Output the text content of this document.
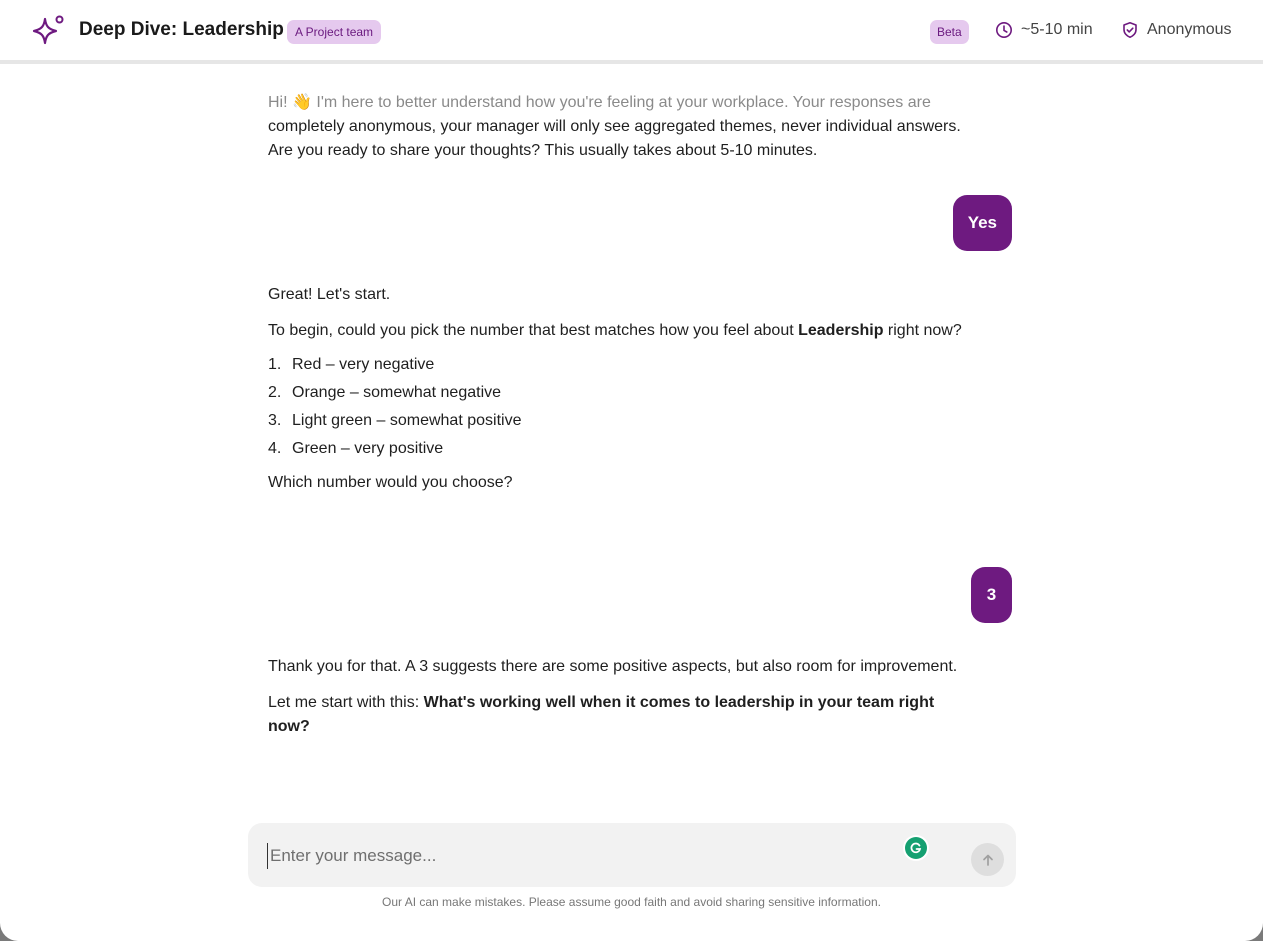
Deep Dive: Leadership A Project team	Beta	~5-10 min	Anonymous

Hi! 👋 I'm here to better understand how you're feeling at your workplace. Your responses are completely anonymous, your manager will only see aggregated themes, never individual answers. Are you ready to share your thoughts? This usually takes about 5-10 minutes.

Yes

Great! Let's start.

To begin, could you pick the number that best matches how you feel about Leadership right now?

1. Red – very negative
2. Orange – somewhat negative
3. Light green – somewhat positive
4. Green – very positive

Which number would you choose?

3

Thank you for that. A 3 suggests there are some positive aspects, but also room for improvement.

Let me start with this: What's working well when it comes to leadership in your team right now?

Enter your message...
Our AI can make mistakes. Please assume good faith and avoid sharing sensitive information.
